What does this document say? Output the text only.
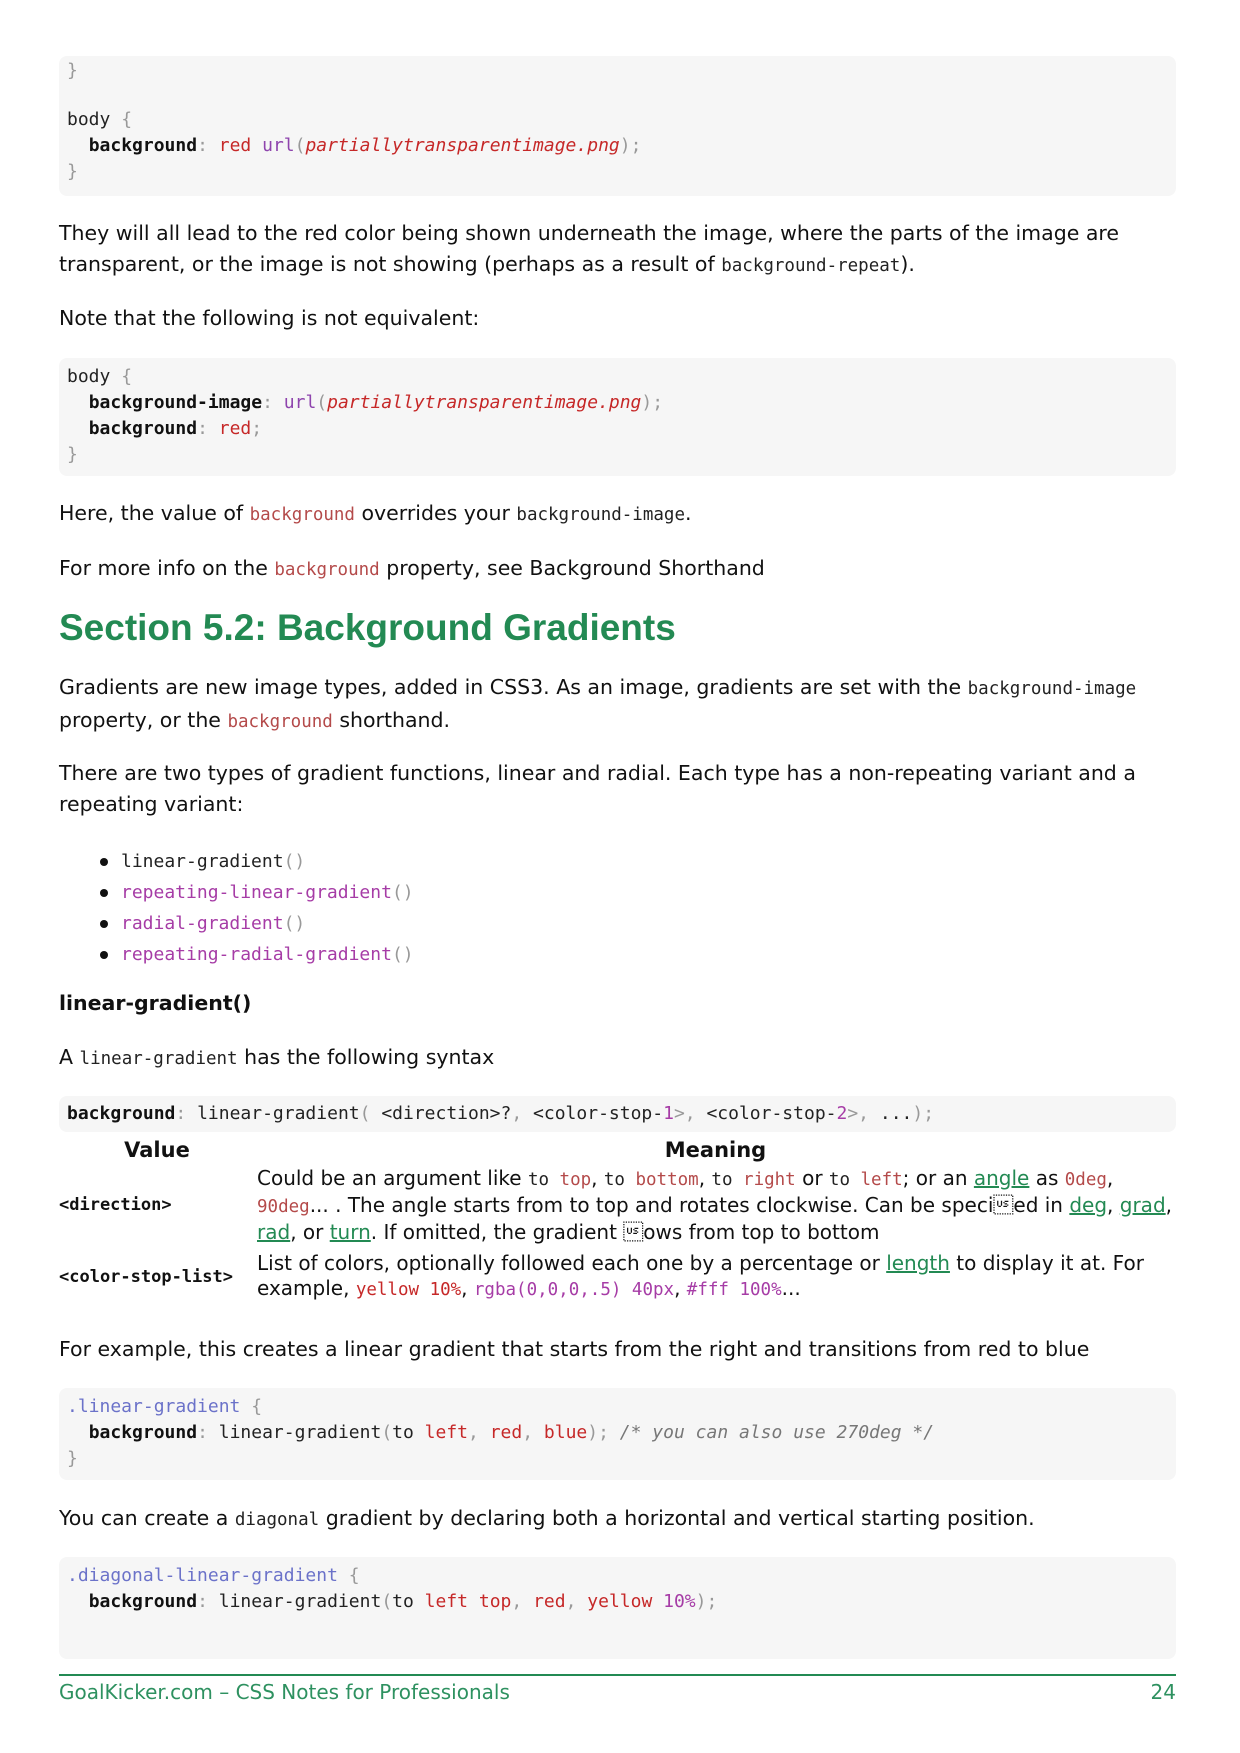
}
body {
background: red url(partiallytransparentimage.png);
}

They will all lead to the red color being shown underneath the image, where the parts of the image are transparent, or the image is not showing (perhaps as a result of background-repeat).

Note that the following is not equivalent:

body {
background-image: url(partiallytransparentimage.png);
background: red;
}

Here, the value of background overrides your background-image.

For more info on the background property, see Background Shorthand

Section 5.2: Background Gradients

Gradients are new image types, added in CSS3. As an image, gradients are set with the background-image property, or the background shorthand.

There are two types of gradient functions, linear and radial. Each type has a non-repeating variant and a repeating variant:

linear-gradient()
repeating-linear-gradient()
radial-gradient()
repeating-radial-gradient()

linear-gradient()

A linear-gradient has the following syntax

background: linear-gradient( <direction>?, <color-stop-1>, <color-stop-2>, ...);
Value	Meaning
<direction>	Could be an argument like to top, to bottom, to right or to left; or an angle as 0deg, 90deg... . The angle starts from to top and rotates clockwise. Can be specied in deg, grad, rad, or turn. If omitted, the gradient ows from top to bottom
<color-stop-list>	List of colors, optionally followed each one by a percentage or length to display it at. For example, yellow 10%, rgba(0,0,0,.5) 40px, #fff 100%...

For example, this creates a linear gradient that starts from the right and transitions from red to blue

.linear-gradient {
background: linear-gradient(to left, red, blue); /* you can also use 270deg */
}

You can create a diagonal gradient by declaring both a horizontal and vertical starting position.

.diagonal-linear-gradient {
background: linear-gradient(to left top, red, yellow 10%);
GoalKicker.com – CSS Notes for Professionals	24
